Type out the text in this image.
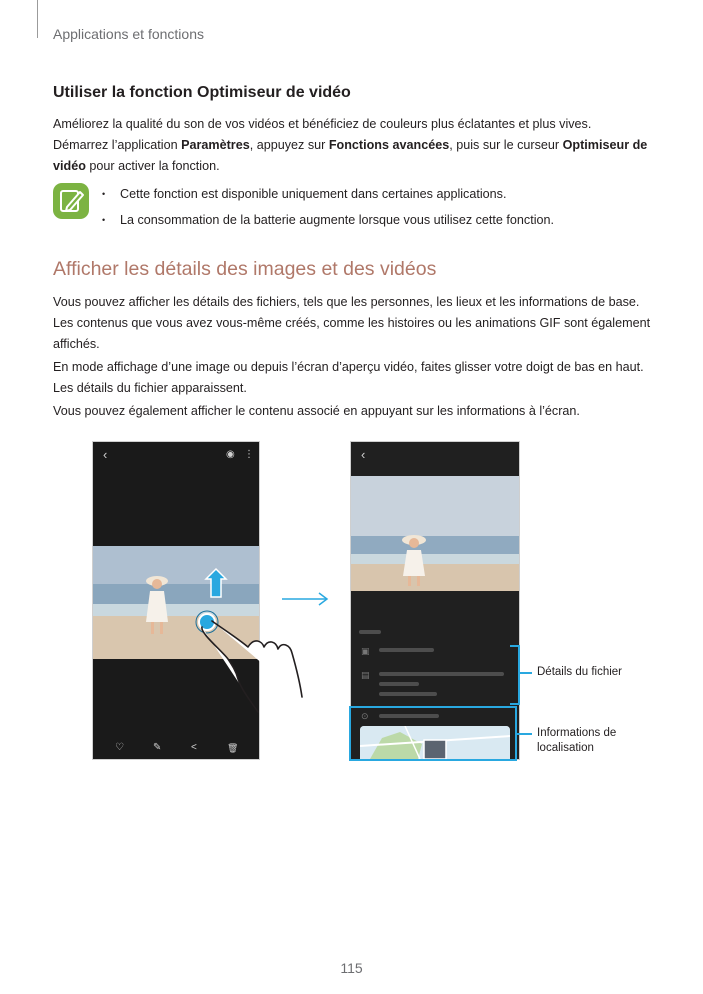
Applications et fonctions
Utiliser la fonction Optimiseur de vidéo

Améliorez la qualité du son de vos vidéos et bénéficiez de couleurs plus éclatantes et plus vives.

Démarrez l’application Paramètres, appuyez sur Fonctions avancées, puis sur le curseur Optimiseur de vidéo pour activer la fonction.

• Cette fonction est disponible uniquement dans certaines applications.
• La consommation de la batterie augmente lorsque vous utilisez cette fonction.
Afficher les détails des images et des vidéos

Vous pouvez afficher les détails des fichiers, tels que les personnes, les lieux et les informations de base. Les contenus que vous avez vous-même créés, comme les histoires ou les animations GIF sont également affichés.

En mode affichage d’une image ou depuis l’écran d’aperçu vidéo, faites glisser votre doigt de bas en haut. Les détails du fichier apparaissent.

Vous pouvez également afficher le contenu associé en appuyant sur les informations à l’écran.

‹	◉ ⋮
♡	✎	<	🗑
‹
▣
▤
⊙
Détails du fichier
Informations de
localisation
115
